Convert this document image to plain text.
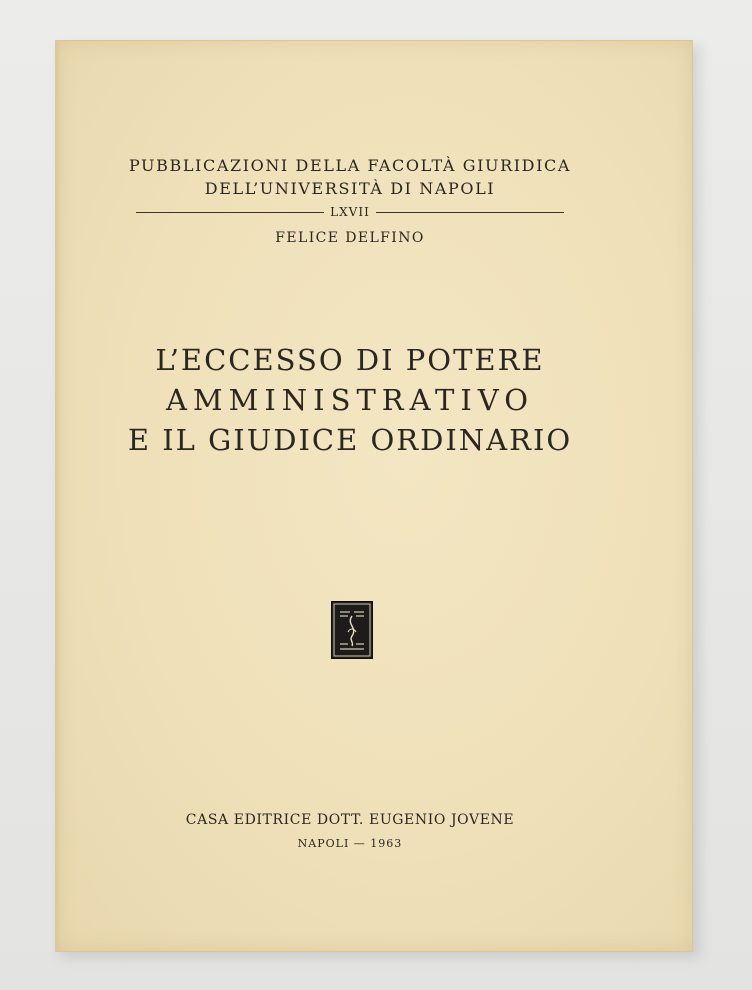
PUBBLICAZIONI DELLA FACOLTÀ GIURIDICA
DELL’UNIVERSITÀ DI NAPOLI
LXVII
FELICE DELFINO
L’ECCESSO DI POTERE
AMMINISTRATIVO
E IL GIUDICE ORDINARIO
CASA EDITRICE DOTT. EUGENIO JOVENE
NAPOLI — 1963
